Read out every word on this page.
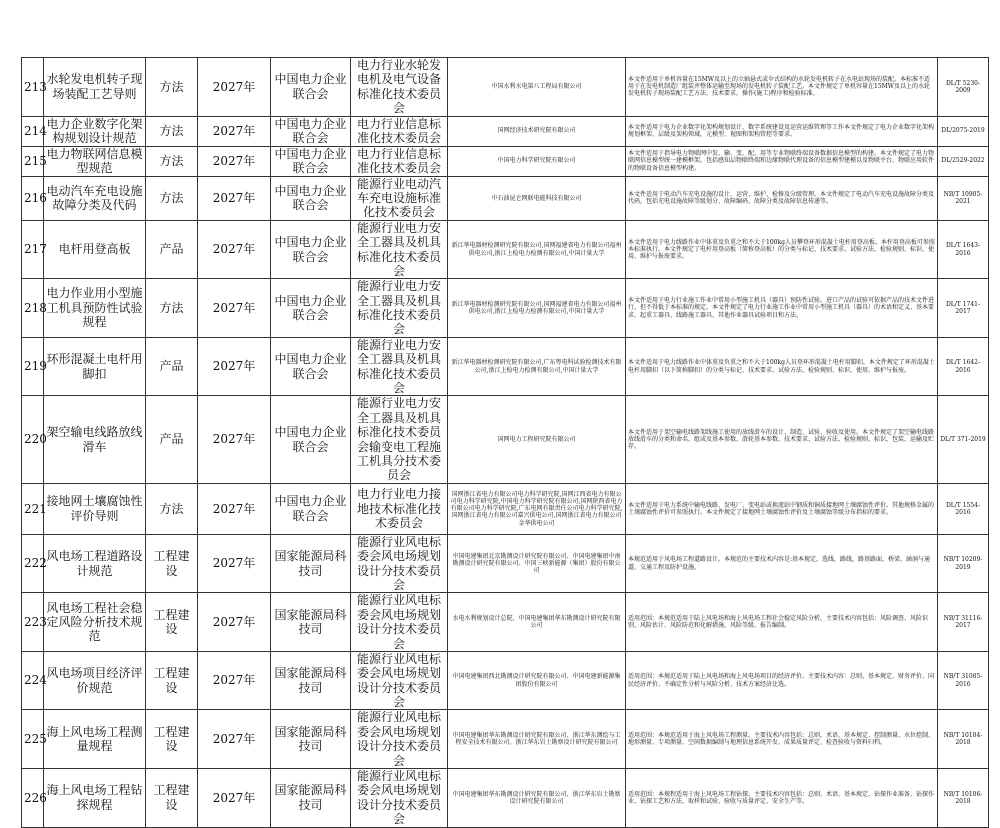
213	水轮发电机转子现场装配工艺导则	方法	2027年	中国电力企业联合会	电力行业水轮发电机及电气设备标准化技术委员会	中国水利水电第八工程局有限公司	本文件适用于单机容量在15MW及以上的立轴悬式或伞式结构的水轮发电机转子在水电站现场的装配。本标准不适用于在发电机制造厂组装并整体运输至现场的发电机转子装配工艺。本文件规定了单机容量在15MW及以上的水轮发电机转子现场装配工艺方法、技术要求，操作(施工)程序和检验标准。	DL/T 5230-2009
214	电力企业数字化架构规划设计规范	方法	2027年	中国电力企业联合会	电力行业信息标准化技术委员会	国网经济技术研究院有限公司	本文件适用于电力企业数字化架构规划设计、数字系统建设及运营运维管理等工作本文件规定了电力企业数字化架构规划框架、层级及架构领域，元模型、视图和架构管控等要求。	DL/2075-2019
215	电力物联网信息模型规范	方法	2027年	中国电力企业联合会	电力行业信息标准化技术委员会	中国电力科学研究院有限公司	本文件适用于指导电力物联网中发、输、变、配、用等专业物联终端设备数据信息模型的构建。本文件规定了电力物联网信息模型统一建模框架，包括感知层物联终端和边缘物联代理设备的信息模型建模以及物联平台、物联应用软件的物联设备信息模型构建。	DL/2529-2022
216	电动汽车充电设施故障分类及代码	方法	2027年	中国电力企业联合会	能源行业电动汽车充电设施标准化技术委员会	中石油昆仑网联电能科技有限公司	本文件适用于电动汽车充电设施的设计、运营、维护、检修及分级管理。本文件规定了电动汽车充电设施故障分类及代码，包括充电设施故障等级划分、故障编码、故障分类及故障信息传递等。	NB/T 10905-2021
217	电杆用登高板	产品	2027年	中国电力企业联合会	能源行业电力安全工器具及机具标准化技术委员会	新江华电器材检测研究院有限公司,国网福建省电力有限公司福州供电公司,浙江上检电力检测有限公司,中国计量大学	本文件适用于电力线路作业中体重及负重之和不大于100kg人员攀登环形混凝土电杆用登高板。本杆用登高板可参照本标准执行。本文件规定了电杆用登高板（简称登高板）的分类与标记、技术要求、试验方法、检验规则、标识、使用、维护与报废要求。	DL/T 1643-2016
218	电力作业用小型施工机具预防性试验规程	方法	2027年	中国电力企业联合会	能源行业电力安全工器具及机具标准化技术委员会	新江华电器材检测研究院有限公司,国网福建省电力有限公司福州供电公司,浙江上检电力检测有限公司,中国计量大学	本文件适用于电力行业施工作业中常用小型施工机具（器具）预防性试验。进口产品的试验可依据产品的技术文件进行，但不得低于本标准的规定。本文件规定了电力行业施工作业中常用小型施工机具（器具）的术语和定义、基本要求、起重工器具、线路施工器具、其他作业器具试验项目和方法。	DL/T 1741-2017
219	环形混凝土电杆用脚扣	产品	2027年	中国电力企业联合会	能源行业电力安全工器具及机具标准化技术委员会	新江华电器材检测研究院有限公司,广东粤电科试验检测技术有限公司,浙江上检电力检测有限公司,中国计量大学	本文件适用于电力线路作业中体重及负重之和不大于100kg人员登环形混凝土电杆用脚扣。本文件规定了环形混凝土电杆用脚扣（以下简称脚扣）的分类与标记、技术要求、试验方法、检验规则、标识、使用、维护与报废。	DL/T 1642-2016
220	架空输电线路放线滑车	产品	2027年	中国电力企业联合会	能源行业电力安全工器具及机具标准化技术委员会输变电工程施工机具分技术委员会	国网电力工程研究院有限公司	本文件适用于架空输电线路架线施工使用的放线滑车的设计、制造、试验、验收及使用。本文件规定了架空输电线路放线滑车的分类和命名、组成及基本参数、滑轮基本参数、技术要求、试验方法、检验规则、标识、包装、运输及贮存。	DL/T 371-2019
221	接地网土壤腐蚀性评价导则	方法	2027年	中国电力企业联合会	电力行业电力接地技术标准化技术委员会	国网浙江省电力有限公司电力科学研究院,国网江西省电力有限公司电力科学研究院,中国电力科学研究院有限公司,国网陕西省电力有限公司电力科学研究院,广东电网有限责任公司电力科学研究院,国网浙江省电力有限公司嘉兴供电公司,国网浙江省电力有限公司金华供电公司	本文件适用于电力系统中输电线路、发电厂、变电站或换流站中钢质和铜质接地网土壤腐蚀性评价。其他规格金属的土壤腐蚀性评价可参照执行。本文件规定了接地网土壤腐蚀性评价及土壤腐蚀等级分布指标的要求。	DL/T 1554-2016
222	风电场工程道路设计规范	工程建设	2027年	国家能源局科技司	能源行业风电标委会风电场规划设计分技术委员会	中国电建集团北京勘测设计研究院有限公司、中国电建集团中南勘测设计研究院有限公司、中国三峡新能源（集团）股份有限公司	本规范适用于风电场工程道路设计。本规范的主要技术内容是:基本规定，选线，路线，路基路面，桥梁、涵洞与通道，交通工程及防护设施。	NB/T 10209-2019
223	风电场工程社会稳定风险分析技术规范	工程建设	2027年	国家能源局科技司	能源行业风电标委会风电场规划设计分技术委员会	水电水利规划设计总院、中国电建集团华东勘测设计研究院有限公司	适用范围：本规范适用于陆上风电场和海上风电场工程社会稳定风险分析。主要技术内容包括：风险调查、风险识别、风险估计、风险防范和化解措施、风险等级、报告编制。	NB/T 31116-2017
224	风电场项目经济评价规范	工程建设	2027年	国家能源局科技司	能源行业风电标委会风电场规划设计分技术委员会	中国电建集团西北勘测设计研究院有限公司、中国电建新能源集团股份有限公司	适用范围：本规范适用于陆上风电场和海上风电场项目的经济评价。主要技术内容：总则、基本规定、财务评价、国民经济评价、不确定性分析与风险分析、技术方案经济比选。	NB/T 31085-2016
225	海上风电场工程测量规程	工程建设	2027年	国家能源局科技司	能源行业风电标委会风电场规划设计分技术委员会	中国电建集团华东勘测设计研究院有限公司、浙江华东测绘与工程安全技术有限公司、浙江华东岩土勘察设计研究院有限公司	适用范围：本规范适用于海上风电场工程测量。主要技术内容包括：总则、术语、基本规定、控制测量、水位控制、地形测量、专项测量、空间数据编制与地理信息系统开发、成果质量评定、检查验收与资料归档。	NB/T 10104-2018
226	海上风电场工程钻探规程	工程建设	2027年	国家能源局科技司	能源行业风电标委会风电场规划设计分技术委员会	中国电建集团华东勘测设计研究院有限公司、浙江华东岩土勘察设计研究院有限公司	适用范围：本规程适用于海上风电场工程钻探。主要技术内容包括：总则、术语、基本规定、钻探作业准备、钻探作业、钻探工艺和方法、取样和试验、验收与质量评定、安全生产等。	NB/T 10106-2018
